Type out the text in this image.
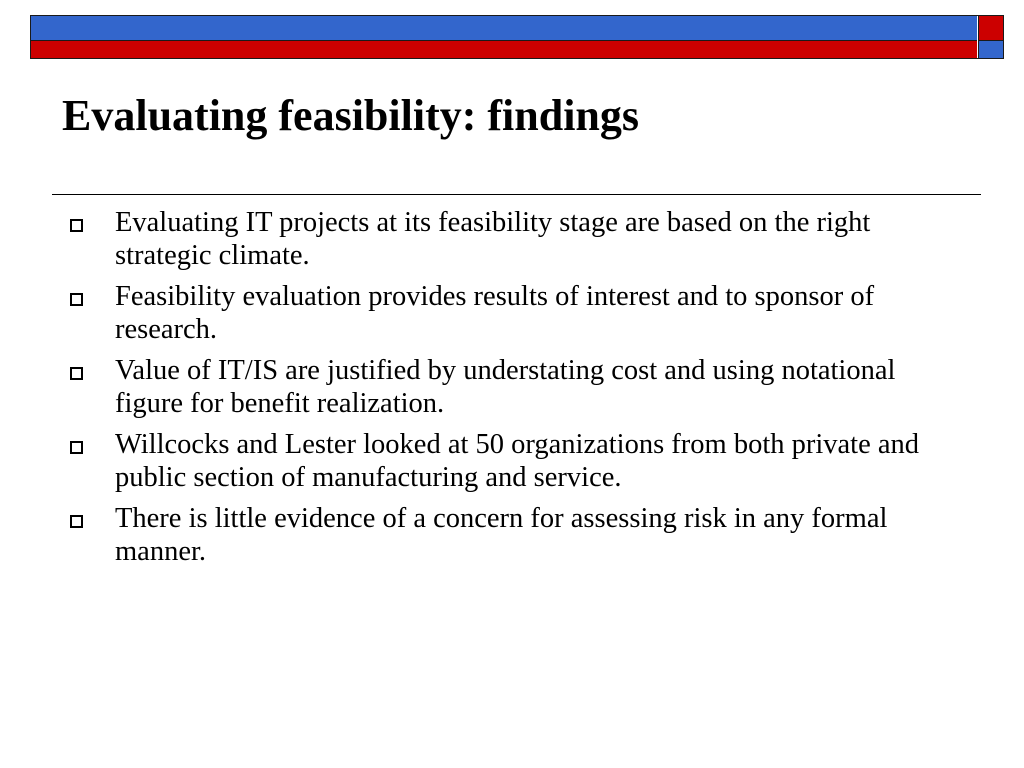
Evaluating feasibility: findings
Evaluating IT projects at its feasibility stage are based on the right strategic climate.
Feasibility evaluation provides results of interest and to sponsor of research.
Value of IT/IS are justified by understating cost and using notational figure for benefit realization.
Willcocks and Lester looked at 50 organizations from both private and public section of manufacturing and service.
There is little evidence of a concern for assessing risk in any formal manner.
